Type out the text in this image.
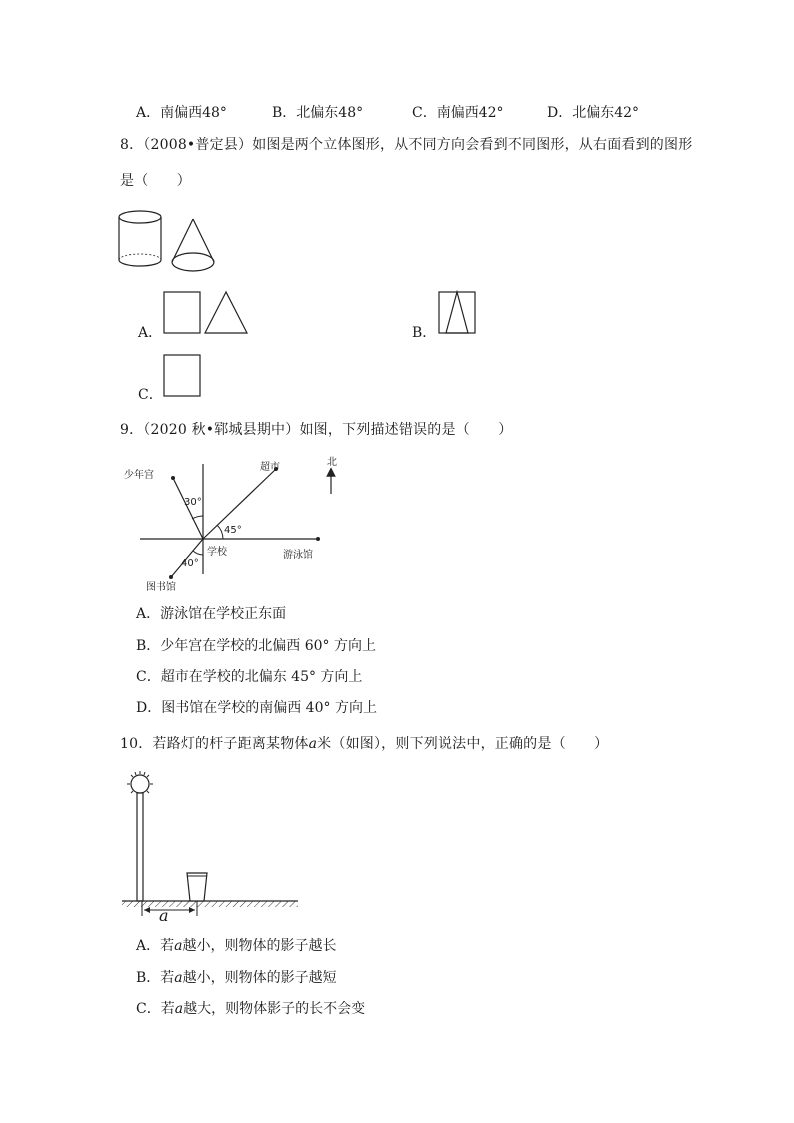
A．南偏西48°	B．北偏东48°	C．南偏西42°	D．北偏东42°
8．（2008•普定县）如图是两个立体图形，从不同方向会看到不同图形，从右面看到的图形
是（　　）
A．	B．
C．
9．（2020 秋•郓城县期中）如图，下列描述错误的是（　　）
北
少年宫
超市
30°
45°
学校	游泳馆
40°
图书馆
A．游泳馆在学校正东面
B．少年宫在学校的北偏西 60° 方向上
C．超市在学校的北偏东 45° 方向上
D．图书馆在学校的南偏西 40° 方向上
10．若路灯的杆子距离某物体a米（如图），则下列说法中，正确的是（　　）
a
A．若a越小，则物体的影子越长
B．若a越小，则物体的影子越短
C．若a越大，则物体影子的长不会变
